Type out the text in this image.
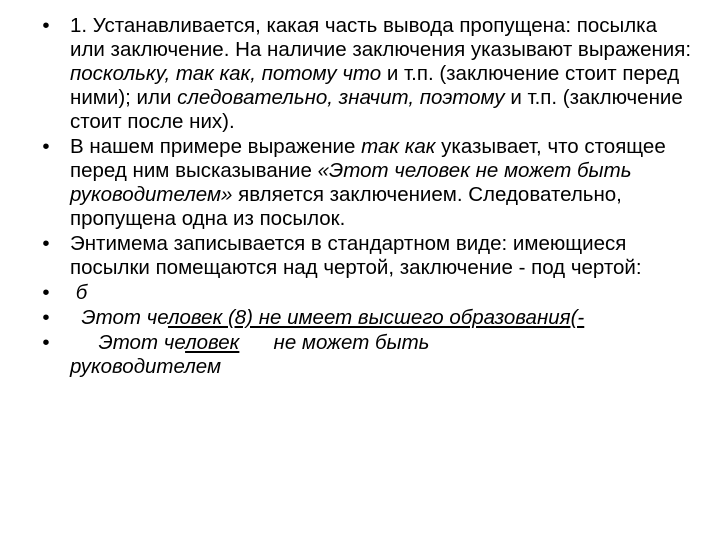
• 1. Устанавливается, какая часть вывода пропущена: посылка или заключение. На наличие заключения указывают выражения: поскольку, так как, потому что и т.п. (заключение стоит перед ними); или следовательно, значит, поэтому и т.п. (заключение стоит после них).
• В нашем примере выражение так как указывает, что стоящее перед ним высказывание «Этот человек не может быть руководителем» является заключением. Следовательно, пропущена одна из посылок.
• Энтимема записывается в стандартном виде: имеющиеся посылки помещаются над чертой, заключение - под чертой:
• б
• Этот человек (8) не имеет высшего образования(-
• Этот человек      не может быть
руководителем
